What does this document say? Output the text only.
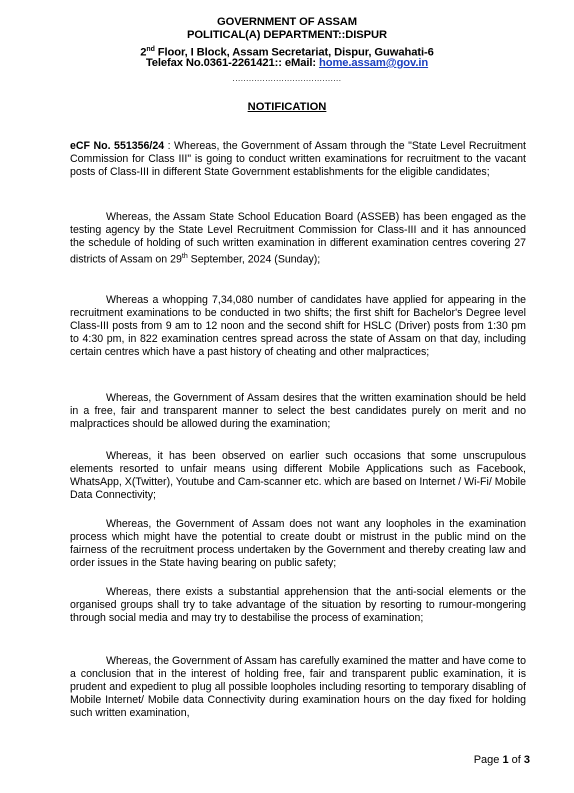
GOVERNMENT OF ASSAM
POLITICAL(A) DEPARTMENT::DISPUR
2nd Floor, I Block, Assam Secretariat, Dispur, Guwahati-6
Telefax No.0361-2261421:: eMail: home.assam@gov.in
........................................
NOTIFICATION

eCF No. 551356/24 : Whereas, the Government of Assam through the "State Level Recruitment Commission for Class III" is going to conduct written examinations for recruitment to the vacant posts of Class-III in different State Government establishments for the eligible candidates;

Whereas, the Assam State School Education Board (ASSEB) has been engaged as the testing agency by the State Level Recruitment Commission for Class-III and it has announced the schedule of holding of such written examination in different examination centres covering 27 districts of Assam on 29th September, 2024 (Sunday);

Whereas a whopping 7,34,080 number of candidates have applied for appearing in the recruitment examinations to be conducted in two shifts; the first shift for Bachelor's Degree level Class-III posts from 9 am to 12 noon and the second shift for HSLC (Driver) posts from 1:30 pm to 4:30 pm, in 822 examination centres spread across the state of Assam on that day, including certain centres which have a past history of cheating and other malpractices;

Whereas, the Government of Assam desires that the written examination should be held in a free, fair and transparent manner to select the best candidates purely on merit and no malpractices should be allowed during the examination;

Whereas, it has been observed on earlier such occasions that some unscrupulous elements resorted to unfair means using different Mobile Applications such as Facebook, WhatsApp, X(Twitter), Youtube and Cam-scanner etc. which are based on Internet / Wi-Fi/ Mobile Data Connectivity;

Whereas, the Government of Assam does not want any loopholes in the examination process which might have the potential to create doubt or mistrust in the public mind on the fairness of the recruitment process undertaken by the Government and thereby creating law and order issues in the State having bearing on public safety;

Whereas, there exists a substantial apprehension that the anti-social elements or the organised groups shall try to take advantage of the situation by resorting to rumour-mongering through social media and may try to destabilise the process of examination;

Whereas, the Government of Assam has carefully examined the matter and have come to a conclusion that in the interest of holding free, fair and transparent public examination, it is prudent and expedient to plug all possible loopholes including resorting to temporary disabling of Mobile Internet/ Mobile data Connectivity during examination hours on the day fixed for holding such written examination,

Page 1 of 3
